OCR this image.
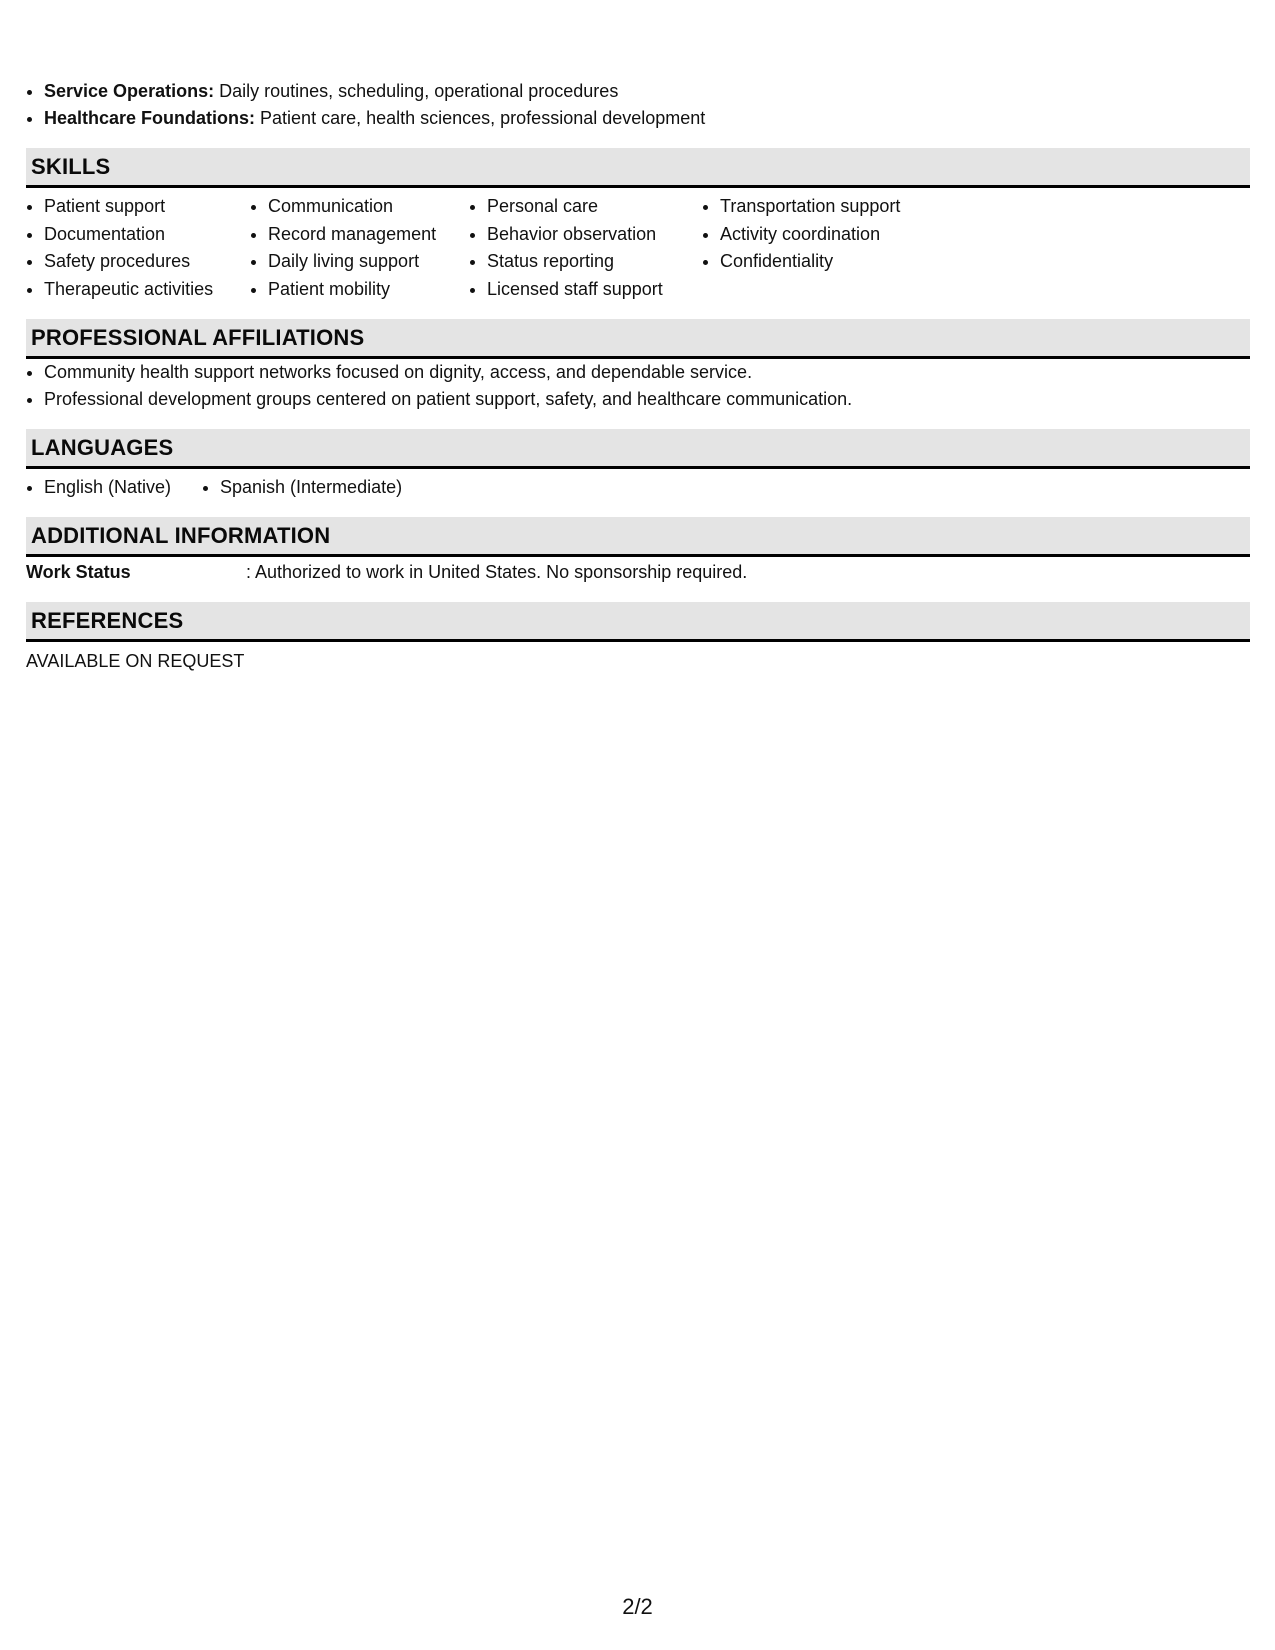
• Service Operations: Daily routines, scheduling, operational procedures
• Healthcare Foundations: Patient care, health sciences, professional development
SKILLS
• Patient support
• Documentation
• Safety procedures
• Therapeutic activities
• Communication
• Record management
• Daily living support
• Patient mobility
• Personal care
• Behavior observation
• Status reporting
• Licensed staff support
• Transportation support
• Activity coordination
• Confidentiality
PROFESSIONAL AFFILIATIONS
• Community health support networks focused on dignity, access, and dependable service.
• Professional development groups centered on patient support, safety, and healthcare communication.
LANGUAGES
• English (Native)
•	Spanish (Intermediate)
ADDITIONAL INFORMATION
Work Status	: Authorized to work in United States. No sponsorship required.
REFERENCES
AVAILABLE ON REQUEST
2/2
